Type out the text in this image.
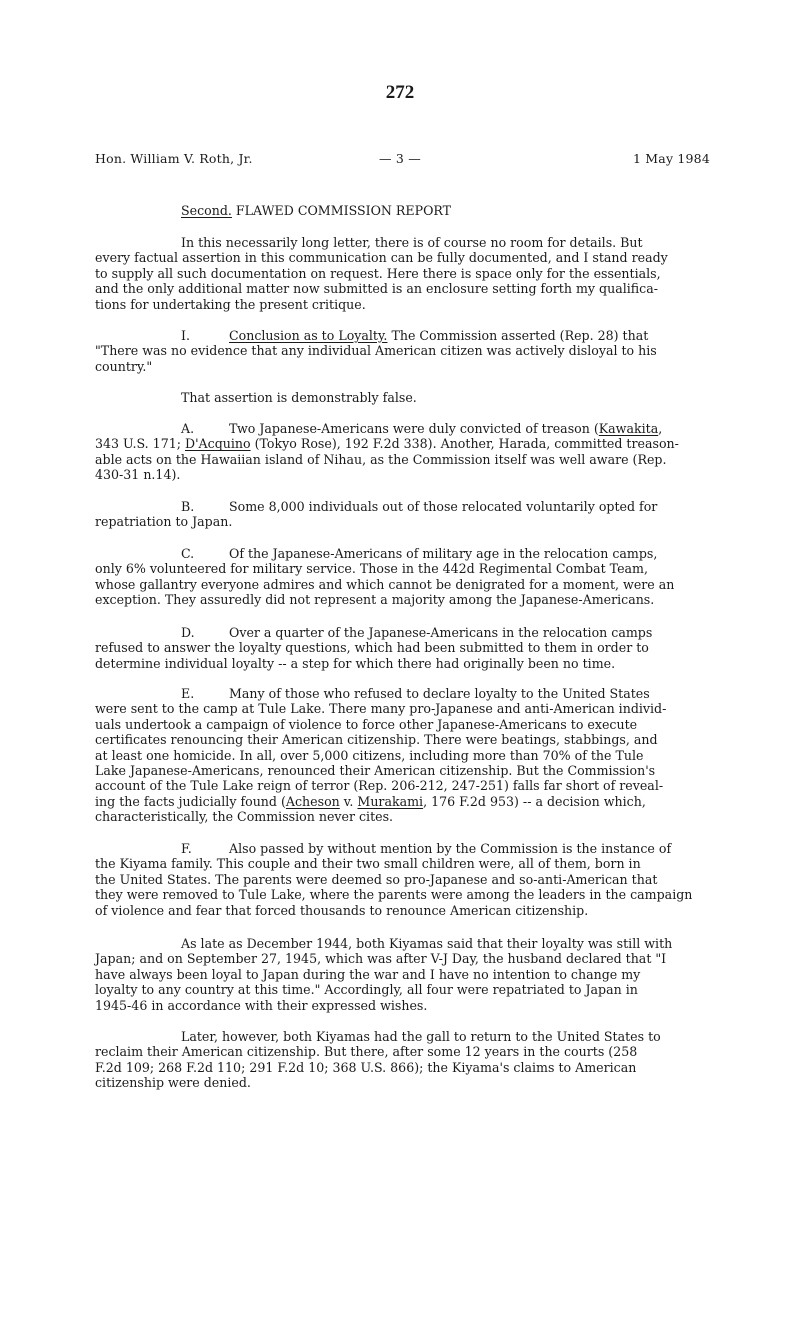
272
Hon. William V. Roth, Jr.	— 3 —	1 May 1984
Second. FLAWED COMMISSION REPORT
In this necessarily long letter, there is of course no room for details. But
every factual assertion in this communication can be fully documented, and I stand ready
to supply all such documentation on request. Here there is space only for the essentials,
and the only additional matter now submitted is an enclosure setting forth my qualifica-
tions for undertaking the present critique.
I.	Conclusion as to Loyalty. The Commission asserted (Rep. 28) that
"There was no evidence that any individual American citizen was actively disloyal to his
country."
That assertion is demonstrably false.
A.	Two Japanese-Americans were duly convicted of treason (Kawakita,
343 U.S. 171; D'Acquino (Tokyo Rose), 192 F.2d 338). Another, Harada, committed treason-
able acts on the Hawaiian island of Nihau, as the Commission itself was well aware (Rep.
430-31 n.14).
B.	Some 8,000 individuals out of those relocated voluntarily opted for
repatriation to Japan.
C.	Of the Japanese-Americans of military age in the relocation camps,
only 6% volunteered for military service. Those in the 442d Regimental Combat Team,
whose gallantry everyone admires and which cannot be denigrated for a moment, were an
exception. They assuredly did not represent a majority among the Japanese-Americans.
D.	Over a quarter of the Japanese-Americans in the relocation camps
refused to answer the loyalty questions, which had been submitted to them in order to
determine individual loyalty -- a step for which there had originally been no time.
E.	Many of those who refused to declare loyalty to the United States
were sent to the camp at Tule Lake. There many pro-Japanese and anti-American individ-
uals undertook a campaign of violence to force other Japanese-Americans to execute
certificates renouncing their American citizenship. There were beatings, stabbings, and
at least one homicide. In all, over 5,000 citizens, including more than 70% of the Tule
Lake Japanese-Americans, renounced their American citizenship. But the Commission's
account of the Tule Lake reign of terror (Rep. 206-212, 247-251) falls far short of reveal-
ing the facts judicially found (Acheson v. Murakami, 176 F.2d 953) -- a decision which,
characteristically, the Commission never cites.
F.	Also passed by without mention by the Commission is the instance of
the Kiyama family. This couple and their two small children were, all of them, born in
the United States. The parents were deemed so pro-Japanese and so-anti-American that
they were removed to Tule Lake, where the parents were among the leaders in the campaign
of violence and fear that forced thousands to renounce American citizenship.
As late as December 1944, both Kiyamas said that their loyalty was still with
Japan; and on September 27, 1945, which was after V-J Day, the husband declared that "I
have always been loyal to Japan during the war and I have no intention to change my
loyalty to any country at this time." Accordingly, all four were repatriated to Japan in
1945-46 in accordance with their expressed wishes.
Later, however, both Kiyamas had the gall to return to the United States to
reclaim their American citizenship. But there, after some 12 years in the courts (258
F.2d 109; 268 F.2d 110; 291 F.2d 10; 368 U.S. 866); the Kiyama's claims to American
citizenship were denied.
